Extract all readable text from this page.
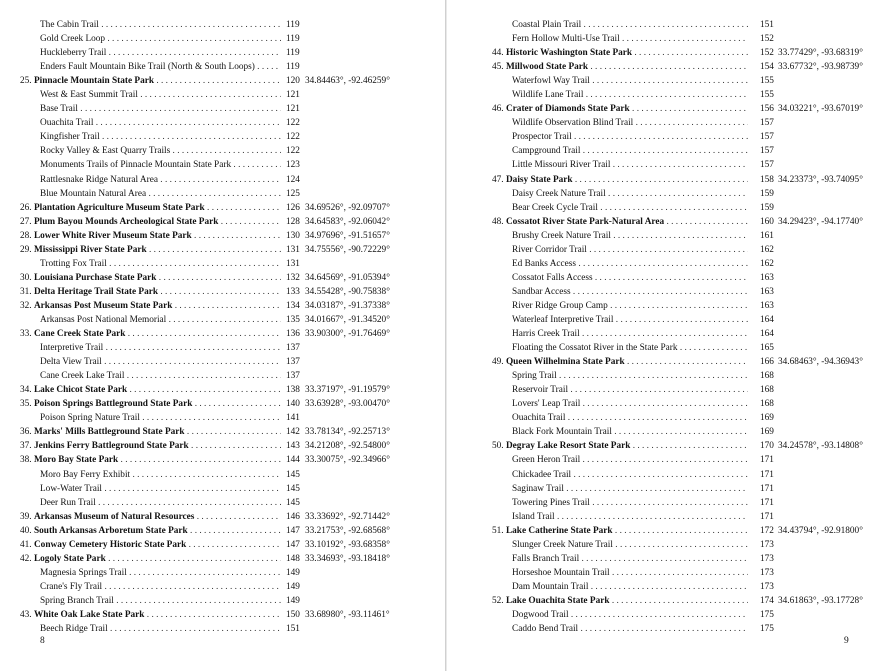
The Cabin Trail . . .	119
Gold Creek Loop . . .	119
Huckleberry Trail . . .	119
Enders Fault Mountain Bike Trail (North & South Loops) . . .	119
25. Pinnacle Mountain State Park . . .	120 34.84463°, -92.46259°
West & East Summit Trail . . .	121
Base Trail . . .	121
Ouachita Trail . . .	122
Kingfisher Trail . . .	122
Rocky Valley & East Quarry Trails . . .	122
Monuments Trails of Pinnacle Mountain State Park . . .	123
Rattlesnake Ridge Natural Area . . .	124
Blue Mountain Natural Area . . .	125
26. Plantation Agriculture Museum State Park . . .	126 34.69526°, -92.09707°
27. Plum Bayou Mounds Archeological State Park . . .	128 34.64583°, -92.06042°
28. Lower White River Museum State Park . . .	130 34.97696°, -91.51657°
29. Mississippi River State Park . . .	131 34.75556°, -90.72229°
Trotting Fox Trail . . .	131
30. Louisiana Purchase State Park . . .	132 34.64569°, -91.05394°
31. Delta Heritage Trail State Park . . .	133 34.55428°, -90.75838°
32. Arkansas Post Museum State Park . . .	134 34.03187°, -91.37338°
Arkansas Post National Memorial . . .	135 34.01667°, -91.34520°
33. Cane Creek State Park . . .	136 33.90300°, -91.76469°
Interpretive Trail . . .	137
Delta View Trail . . .	137
Cane Creek Lake Trail . . .	137
34. Lake Chicot State Park . . .	138 33.37197°, -91.19579°
35. Poison Springs Battleground State Park . . .	140 33.63928°, -93.00470°
Poison Spring Nature Trail . . .	141
36. Marks' Mills Battleground State Park . . .	142 33.78134°, -92.25713°
37. Jenkins Ferry Battleground State Park . . .	143 34.21208°, -92.54800°
38. Moro Bay State Park . . .	144 33.30075°, -92.34966°
Moro Bay Ferry Exhibit . . .	145
Low-Water Trail . . .	145
Deer Run Trail . . .	145
39. Arkansas Museum of Natural Resources . . .	146 33.33692°, -92.71442°
40. South Arkansas Arboretum State Park . . .	147 33.21753°, -92.68568°
41. Conway Cemetery Historic State Park . . .	147 33.10192°, -93.68358°
42. Logoly State Park . . .	148 33.34693°, -93.18418°
Magnesia Springs Trail . . .	149
Crane's Fly Trail . . .	149
Spring Branch Trail . . .	149
43. White Oak Lake State Park . . .	150 33.68980°, -93.11461°
Beech Ridge Trail . . .	151
8
Coastal Plain Trail . . .	151
Fern Hollow Multi-Use Trail . . .	152
44. Historic Washington State Park . . .	152 33.77429°, -93.68319°
45. Millwood State Park . . .	154 33.67732°, -93.98739°
Waterfowl Way Trail . . .	155
Wildlife Lane Trail . . .	155
46. Crater of Diamonds State Park . . .	156 34.03221°, -93.67019°
Wildlife Observation Blind Trail . . .	157
Prospector Trail . . .	157
Campground Trail . . .	157
Little Missouri River Trail . . .	157
47. Daisy State Park . . .	158 34.23373°, -93.74095°
Daisy Creek Nature Trail . . .	159
Bear Creek Cycle Trail . . .	159
48. Cossatot River State Park-Natural Area . . .	160 34.29423°, -94.17740°
Brushy Creek Nature Trail . . .	161
River Corridor Trail . . .	162
Ed Banks Access . . .	162
Cossatot Falls Access . . .	163
Sandbar Access . . .	163
River Ridge Group Camp . . .	163
Waterleaf Interpretive Trail . . .	164
Harris Creek Trail . . .	164
Floating the Cossatot River in the State Park . . .	165
49. Queen Wilhelmina State Park . . .	166 34.68463°, -94.36943°
Spring Trail . . .	168
Reservoir Trail . . .	168
Lovers' Leap Trail . . .	168
Ouachita Trail . . .	169
Black Fork Mountain Trail . . .	169
50. Degray Lake Resort State Park . . .	170 34.24578°, -93.14808°
Green Heron Trail . . .	171
Chickadee Trail . . .	171
Saginaw Trail . . .	171
Towering Pines Trail . . .	171
Island Trail . . .	171
51. Lake Catherine State Park . . .	172 34.43794°, -92.91800°
Slunger Creek Nature Trail . . .	173
Falls Branch Trail . . .	173
Horseshoe Mountain Trail . . .	173
Dam Mountain Trail . . .	173
52. Lake Ouachita State Park . . .	174 34.61863°, -93.17728°
Dogwood Trail . . .	175
Caddo Bend Trail . . .	175
9
